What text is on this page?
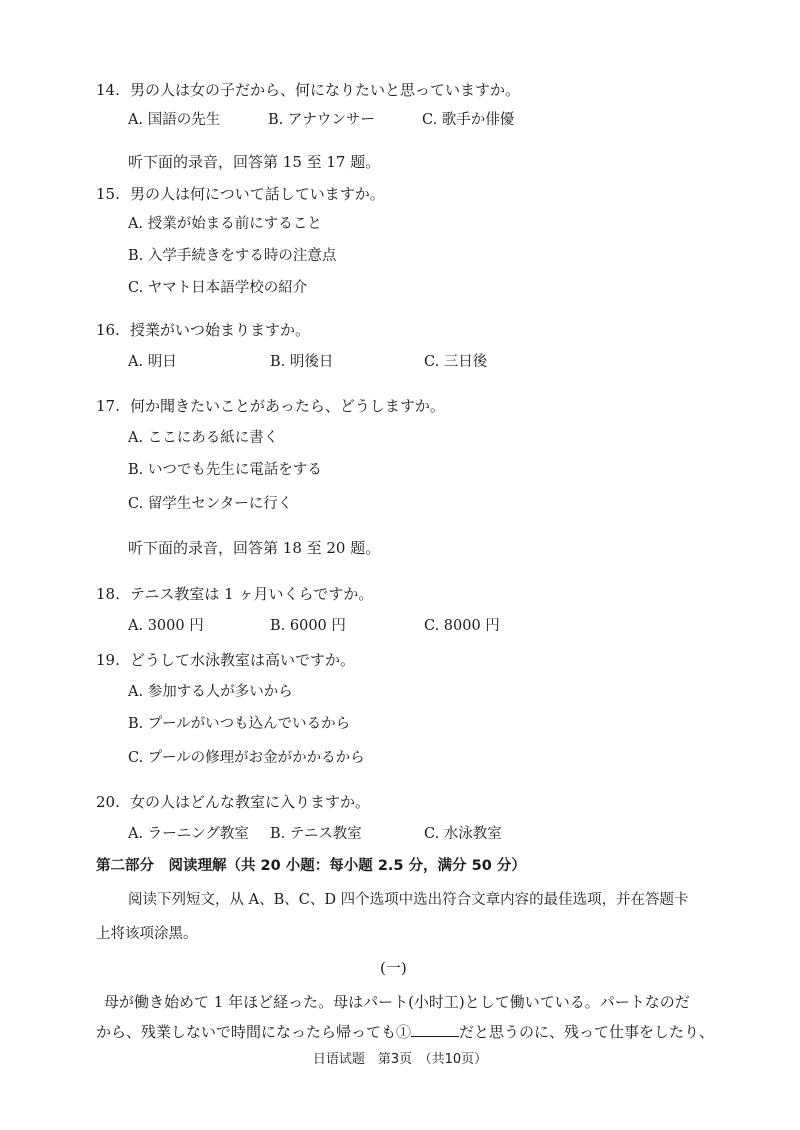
14. 男の人は女の子だから、何になりたいと思っていますか。
A. 国語の先生	B. アナウンサー	C. 歌手か俳優
听下面的录音，回答第 15 至 17 题。
15. 男の人は何について話していますか。
A. 授業が始まる前にすること
B. 入学手続きをする時の注意点
C. ヤマト日本語学校の紹介
16. 授業がいつ始まりますか。
A. 明日	B. 明後日	C. 三日後
17. 何か聞きたいことがあったら、どうしますか。
A. ここにある紙に書く
B. いつでも先生に電話をする
C. 留学生センターに行く
听下面的录音，回答第 18 至 20 题。
18. テニス教室は 1 ヶ月いくらですか。
A. 3000 円	B. 6000 円	C. 8000 円
19. どうして水泳教室は高いですか。
A. 参加する人が多いから
B. プールがいつも込んでいるから
C. プールの修理がお金がかかるから
20. 女の人はどんな教室に入りますか。
A. ラーニング教室 B. テニス教室	C. 水泳教室
第二部分　阅读理解（共 20 小题：每小题 2.5 分，满分 50 分）
阅读下列短文，从 A、B、C、D 四个选项中选出符合文章内容的最佳选项，并在答题卡
上将该项涂黑。
(一)
母が働き始めて 1 年ほど経った。母はパート(小时工)として働いている。パートなのだ
から、残業しないで時間になったら帰っても①	だと思うのに、残って仕事をしたり、
日语试题　第3页　（共10页）
